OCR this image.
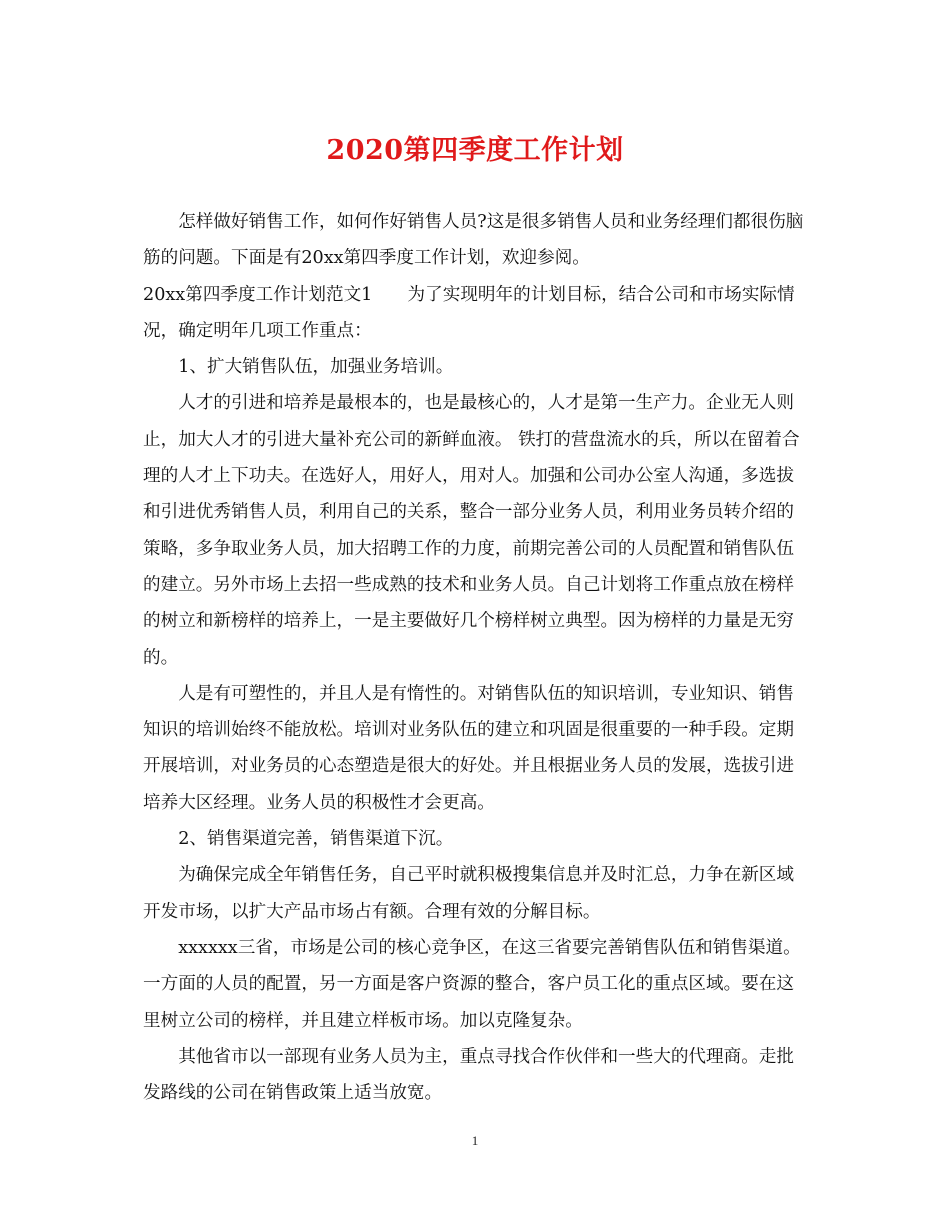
2020第四季度工作计划

怎样做好销售工作，如何作好销售人员?这是很多销售人员和业务经理们都很伤脑筋的问题。下面是有20xx第四季度工作计划，欢迎参阅。

20xx第四季度工作计划范文1　　为了实现明年的计划目标，结合公司和市场实际情况，确定明年几项工作重点：

1、扩大销售队伍，加强业务培训。

人才的引进和培养是最根本的，也是最核心的，人才是第一生产力。企业无人则止，加大人才的引进大量补充公司的新鲜血液。 铁打的营盘流水的兵，所以在留着合理的人才上下功夫。在选好人，用好人，用对人。加强和公司办公室人沟通，多选拔和引进优秀销售人员，利用自己的关系，整合一部分业务人员，利用业务员转介绍的策略，多争取业务人员，加大招聘工作的力度，前期完善公司的人员配置和销售队伍的建立。另外市场上去招一些成熟的技术和业务人员。自己计划将工作重点放在榜样的树立和新榜样的培养上，一是主要做好几个榜样树立典型。因为榜样的力量是无穷的。

人是有可塑性的，并且人是有惰性的。对销售队伍的知识培训，专业知识、销售知识的培训始终不能放松。培训对业务队伍的建立和巩固是很重要的一种手段。定期开展培训，对业务员的心态塑造是很大的好处。并且根据业务人员的发展，选拔引进培养大区经理。业务人员的积极性才会更高。

2、销售渠道完善，销售渠道下沉。

为确保完成全年销售任务，自己平时就积极搜集信息并及时汇总，力争在新区域开发市场，以扩大产品市场占有额。合理有效的分解目标。

xxxxxx三省，市场是公司的核心竞争区，在这三省要完善销售队伍和销售渠道。一方面的人员的配置，另一方面是客户资源的整合，客户员工化的重点区域。要在这里树立公司的榜样，并且建立样板市场。加以克隆复杂。

其他省市以一部现有业务人员为主，重点寻找合作伙伴和一些大的代理商。走批发路线的公司在销售政策上适当放宽。

1
